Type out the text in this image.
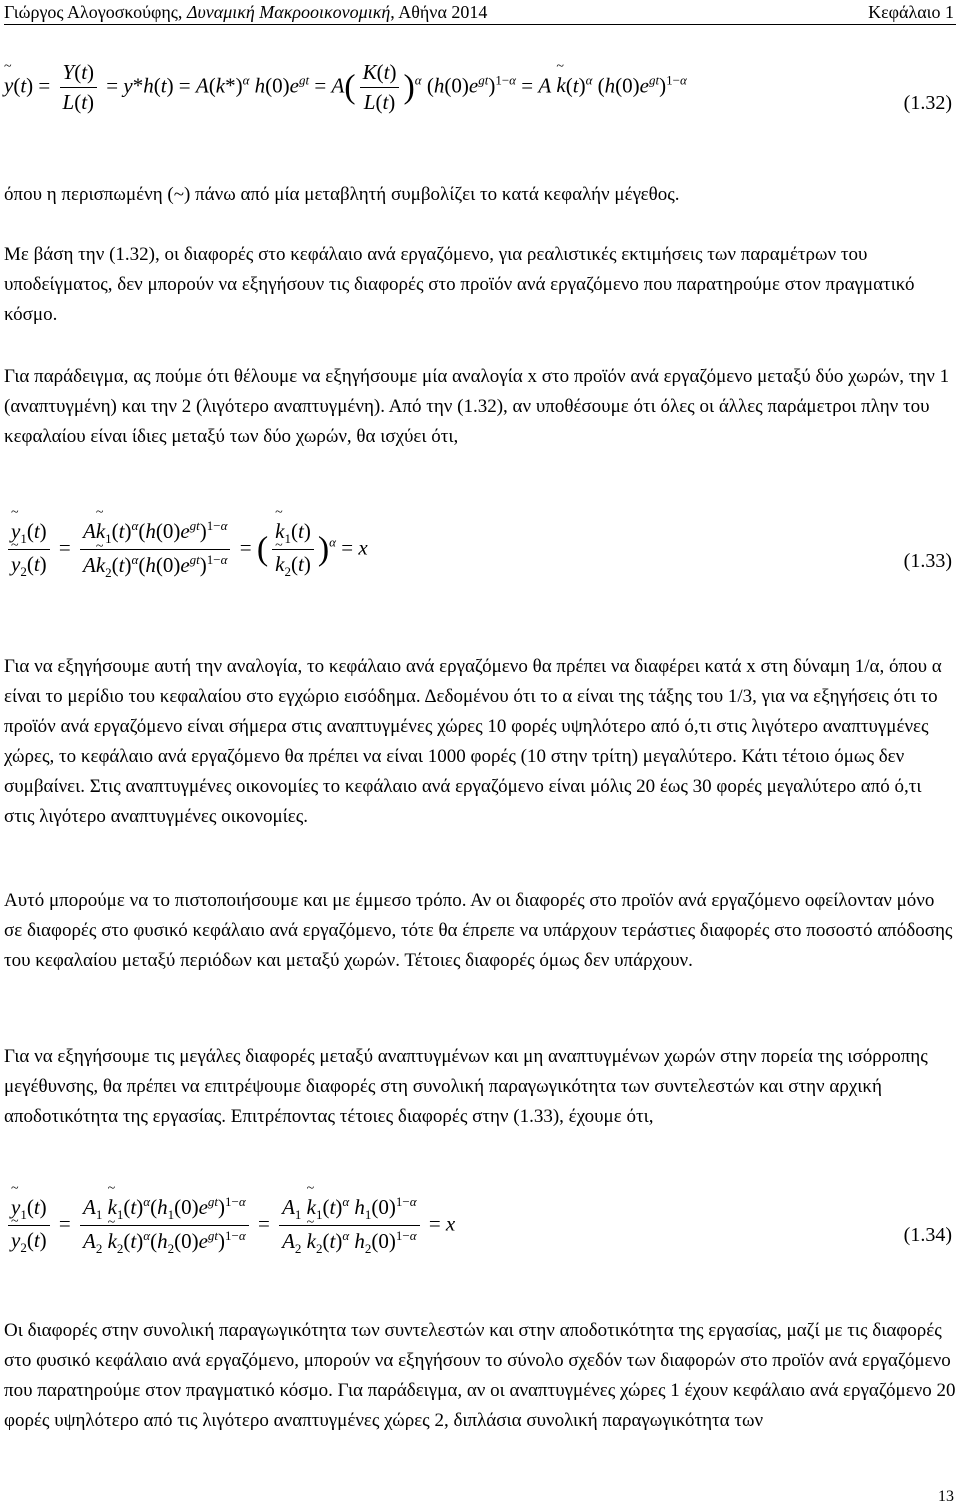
Γιώργος Αλογοσκούφης, Δυναμική Μακροοικονομική, Αθήνα 2014	Κεφάλαιο 1
~ $y(t) = \frac{Y(t)}{L(t)} = y*h(t) = A(k*)^\alpha$ $h(0)e^{gt} = A( \frac{K(t)}{L(t)} )^\alpha$ $(h(0)e^{gt})^{1-\alpha} = A$ ~ $k(t)^\alpha$ $(h(0)e^{gt})^{1-\alpha}$
(1.32)

όπου η περισπωμένη (~) πάνω από μία μεταβλητή συμβολίζει το κατά κεφαλήν μέγεθος.

Με βάση την (1.32), οι διαφορές στο κεφάλαιο ανά εργαζόμενο, για ρεαλιστικές εκτιμήσεις των παραμέτρων του υποδείγματος, δεν μπορούν να εξηγήσουν τις διαφορές στο προϊόν ανά εργαζόμενο που παρατηρούμε στον πραγματικό κόσμο.

Για παράδειγμα, ας πούμε ότι θέλουμε να εξηγήσουμε μία αναλογία x στο προϊόν ανά εργαζόμενο μεταξύ δύο χωρών, την 1 (αναπτυγμένη) και την 2 (λιγότερο αναπτυγμένη). Από την (1.32), αν υποθέσουμε ότι όλες οι άλλες παράμετροι πλην του κεφαλαίου είναι ίδιες μεταξύ των δύο χωρών, θα ισχύει ότι,

~ $y_1(t)$
~ $y_2(t) = \frac{A\sim k_1(t)^\alpha(h(0)e^{gt})^{1-\alpha}}{A\sim k_2(t)^\alpha(h(0)e^{gt})^{1-\alpha}}$ = ( ~ $k_1(t)$
~ $k_2(t) )^\alpha = x$
(1.33)

Για να εξηγήσουμε αυτή την αναλογία, το κεφάλαιο ανά εργαζόμενο θα πρέπει να διαφέρει κατά x στη δύναμη 1/α, όπου α είναι το μερίδιο του κεφαλαίου στο εγχώριο εισόδημα. Δεδομένου ότι το α είναι της τάξης του 1/3, για να εξηγήσεις ότι το προϊόν ανά εργαζόμενο είναι σήμερα στις αναπτυγμένες χώρες 10 φορές υψηλότερο από ό,τι στις λιγότερο αναπτυγμένες χώρες, το κεφάλαιο ανά εργαζόμενο θα πρέπει να είναι 1000 φορές (10 στην τρίτη) μεγαλύτερο. Κάτι τέτοιο όμως δεν συμβαίνει. Στις αναπτυγμένες οικονομίες το κεφάλαιο ανά εργαζόμενο είναι μόλις 20 έως 30 φορές μεγαλύτερο από ό,τι στις λιγότερο αναπτυγμένες οικονομίες.

Αυτό μπορούμε να το πιστοποιήσουμε και με έμμεσο τρόπο. Αν οι διαφορές στο προϊόν ανά εργαζόμενο οφείλονταν μόνο σε διαφορές στο φυσικό κεφάλαιο ανά εργαζόμενο, τότε θα έπρεπε να υπάρχουν τεράστιες διαφορές στο ποσοστό απόδοσης του κεφαλαίου μεταξύ περιόδων και μεταξύ χωρών. Τέτοιες διαφορές όμως δεν υπάρχουν.

Για να εξηγήσουμε τις μεγάλες διαφορές μεταξύ αναπτυγμένων και μη αναπτυγμένων χωρών στην πορεία της ισόρροπης μεγέθυνσης, θα πρέπει να επιτρέψουμε διαφορές στη συνολική παραγωγικότητα των συντελεστών και στην αρχική αποδοτικότητα της εργασίας. Επιτρέποντας τέτοιες διαφορές στην (1.33), έχουμε ότι,

~ $y_1(t)$
~ $y_2(t) = \frac{A_1 \sim k_1(t)^\alpha(h_1(0)e^{gt})^{1-\alpha}}{A_2 \sim k_2(t)^\alpha(h_2(0)e^{gt})^{1-\alpha}} = \frac{A_1 \sim k_1(t)^\alpha h_1(0)^{1-\alpha}}{A_2 \sim k_2(t)^\alpha h_2(0)^{1-\alpha}} = x$	(1.34)

Οι διαφορές στην συνολική παραγωγικότητα των συντελεστών και στην αποδοτικότητα της εργασίας, μαζί με τις διαφορές στο φυσικό κεφάλαιο ανά εργαζόμενο, μπορούν να εξηγήσουν το σύνολο σχεδόν των διαφορών στο προϊόν ανά εργαζόμενο που παρατηρούμε στον πραγματικό κόσμο. Για παράδειγμα, αν οι αναπτυγμένες χώρες 1 έχουν κεφάλαιο ανά εργαζόμενο 20 φορές υψηλότερο από τις λιγότερο αναπτυγμένες χώρες 2, διπλάσια συνολική παραγωγικότητα των

13
